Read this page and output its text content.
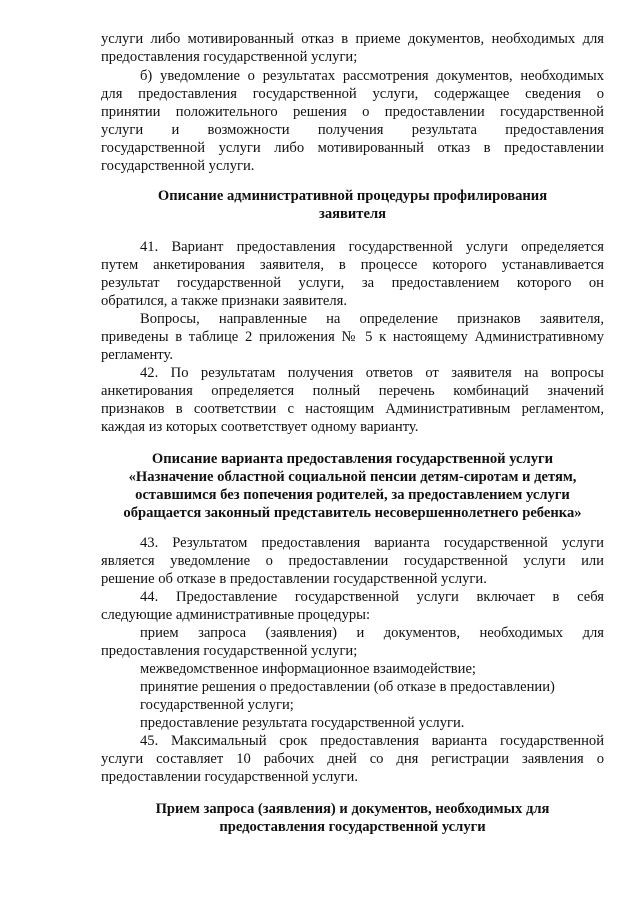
услуги либо мотивированный отказ в приеме документов, необходимых для
предоставления государственной услуги;
б) уведомление о результатах рассмотрения документов, необходимых
для предоставления государственной услуги, содержащее сведения о
принятии положительного решения о предоставлении государственной
услуги и возможности получения результата предоставления
государственной услуги либо мотивированный отказ в предоставлении
государственной услуги.
Описание административной процедуры профилирования
заявителя
41. Вариант предоставления государственной услуги определяется
путем анкетирования заявителя, в процессе которого устанавливается
результат государственной услуги, за предоставлением которого он
обратился, а также признаки заявителя.
Вопросы, направленные на определение признаков заявителя,
приведены в таблице 2 приложения № 5 к настоящему Административному
регламенту.
42. По результатам получения ответов от заявителя на вопросы
анкетирования определяется полный перечень комбинаций значений
признаков в соответствии с настоящим Административным регламентом,
каждая из которых соответствует одному варианту.
Описание варианта предоставления государственной услуги
«Назначение областной социальной пенсии детям-сиротам и детям,
оставшимся без попечения родителей, за предоставлением услуги
обращается законный представитель несовершеннолетнего ребенка»
43. Результатом предоставления варианта государственной услуги
является уведомление о предоставлении государственной услуги или
решение об отказе в предоставлении государственной услуги.
44. Предоставление государственной услуги включает в себя
следующие административные процедуры:
прием запроса (заявления) и документов, необходимых для
предоставления государственной услуги;
межведомственное информационное взаимодействие;
принятие решения о предоставлении (об отказе в предоставлении)
государственной услуги;
предоставление результата государственной услуги.
45. Максимальный срок предоставления варианта государственной
услуги составляет 10 рабочих дней со дня регистрации заявления о
предоставлении государственной услуги.
Прием запроса (заявления) и документов, необходимых для
предоставления государственной услуги
